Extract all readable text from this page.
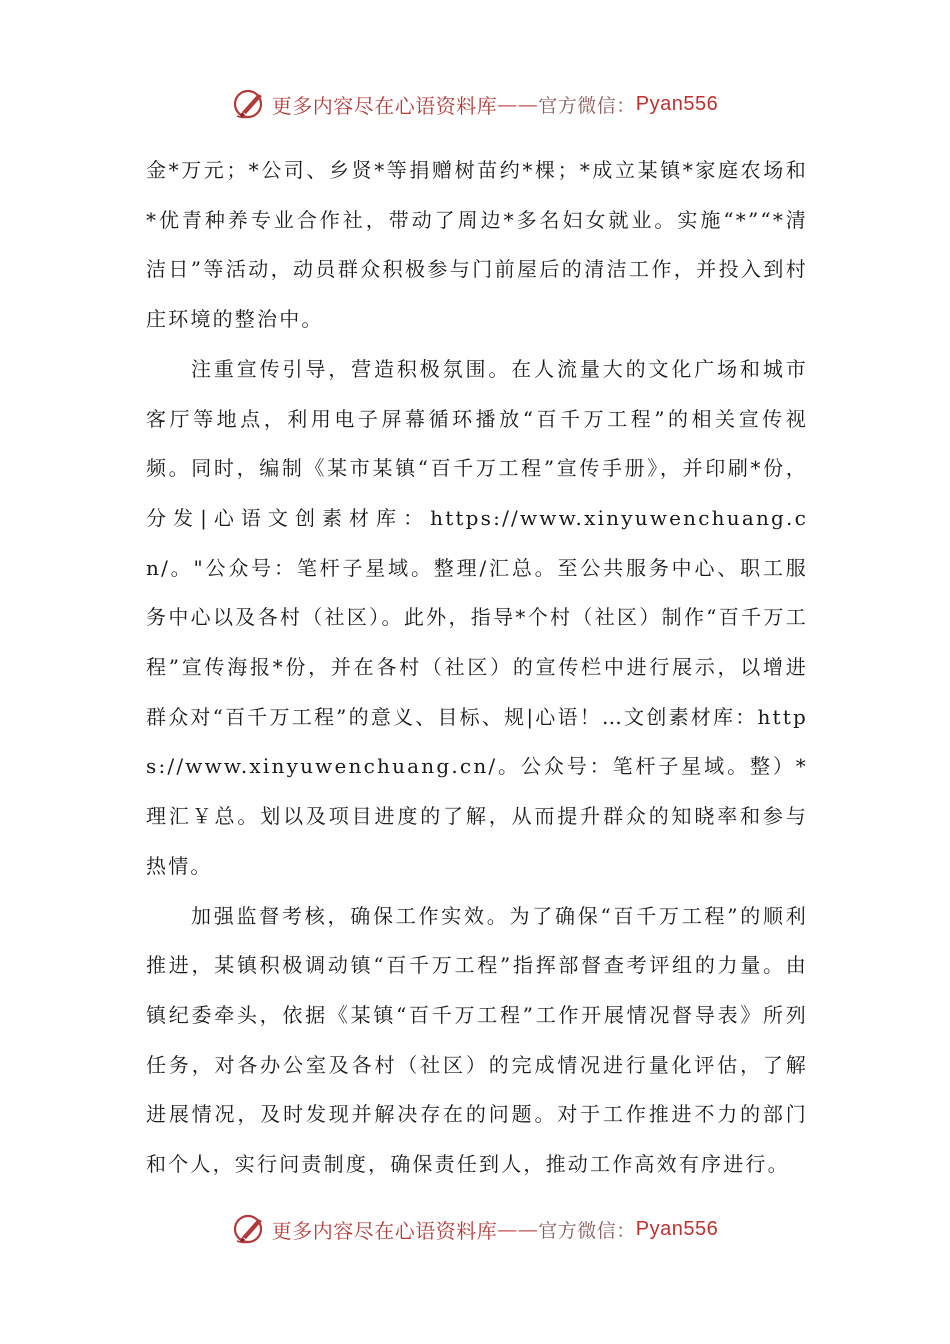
更多内容尽在心语资料库 —— 官方微信： Pyan556

金*万元；*公司、乡贤*等捐赠树苗约*棵；*成立某镇*家庭农场和*优青种养专业合作社，带动了周边*多名妇女就业。实施“*”“*清洁日”等活动，动员群众积极参与门前屋后的清洁工作，并投入到村庄环境的整治中。

注重宣传引导，营造积极氛围。在人流量大的文化广场和城市客厅等地点，利用电子屏幕循环播放“百千万工程”的相关宣传视频。同时，编制《某市某镇“百千万工程”宣传手册》，并印刷*份，分发|心语文创素材库：https://www.xinyuwenchuang.cn/。"公众号：笔杆子星域。整理/汇总。至公共服务中心、职工服务中心以及各村（社区）。此外，指导*个村（社区）制作“百千万工程”宣传海报*份，并在各村（社区）的宣传栏中进行展示，以增进群众对“百千万工程”的意义、目标、规|心语！…文创素材库：https://www.xinyuwenchuang.cn/。公众号：笔杆子星域。整）*理汇￥总。划以及项目进度的了解，从而提升群众的知晓率和参与热情。

加强监督考核，确保工作实效。为了确保“百千万工程”的顺利推进，某镇积极调动镇“百千万工程”指挥部督查考评组的力量。由镇纪委牵头，依据《某镇“百千万工程”工作开展情况督导表》所列任务，对各办公室及各村（社区）的完成情况进行量化评估，了解进展情况，及时发现并解决存在的问题。对于工作推进不力的部门和个人，实行问责制度，确保责任到人，推动工作高效有序进行。

更多内容尽在心语资料库 —— 官方微信： Pyan556
